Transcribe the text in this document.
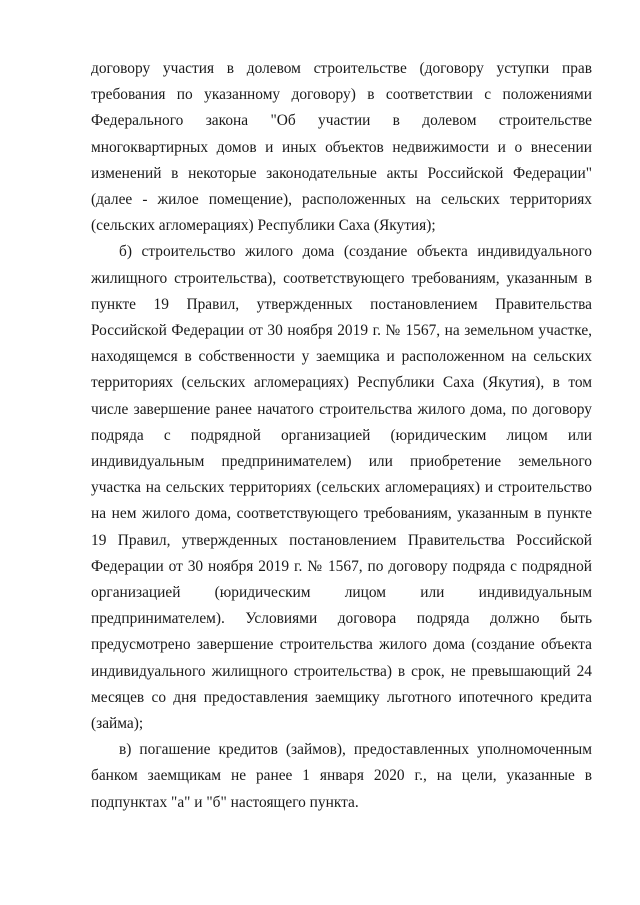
договору участия в долевом строительстве (договору уступки прав требования по указанному договору) в соответствии с положениями Федерального закона "Об участии в долевом строительстве многоквартирных домов и иных объектов недвижимости и о внесении изменений в некоторые законодательные акты Российской Федерации" (далее - жилое помещение), расположенных на сельских территориях (сельских агломерациях) Республики Саха (Якутия);

б) строительство жилого дома (создание объекта индивидуального жилищного строительства), соответствующего требованиям, указанным в пункте 19 Правил, утвержденных постановлением Правительства Российской Федерации от 30 ноября 2019 г. № 1567, на земельном участке, находящемся в собственности у заемщика и расположенном на сельских территориях (сельских агломерациях) Республики Саха (Якутия), в том числе завершение ранее начатого строительства жилого дома, по договору подряда с подрядной организацией (юридическим лицом или индивидуальным предпринимателем) или приобретение земельного участка на сельских территориях (сельских агломерациях) и строительство на нем жилого дома, соответствующего требованиям, указанным в пункте 19 Правил, утвержденных постановлением Правительства Российской Федерации от 30 ноября 2019 г. № 1567, по договору подряда с подрядной организацией (юридическим лицом или индивидуальным предпринимателем). Условиями договора подряда должно быть предусмотрено завершение строительства жилого дома (создание объекта индивидуального жилищного строительства) в срок, не превышающий 24 месяцев со дня предоставления заемщику льготного ипотечного кредита (займа);

в) погашение кредитов (займов), предоставленных уполномоченным банком заемщикам не ранее 1 января 2020 г., на цели, указанные в подпунктах "а" и "б" настоящего пункта.
